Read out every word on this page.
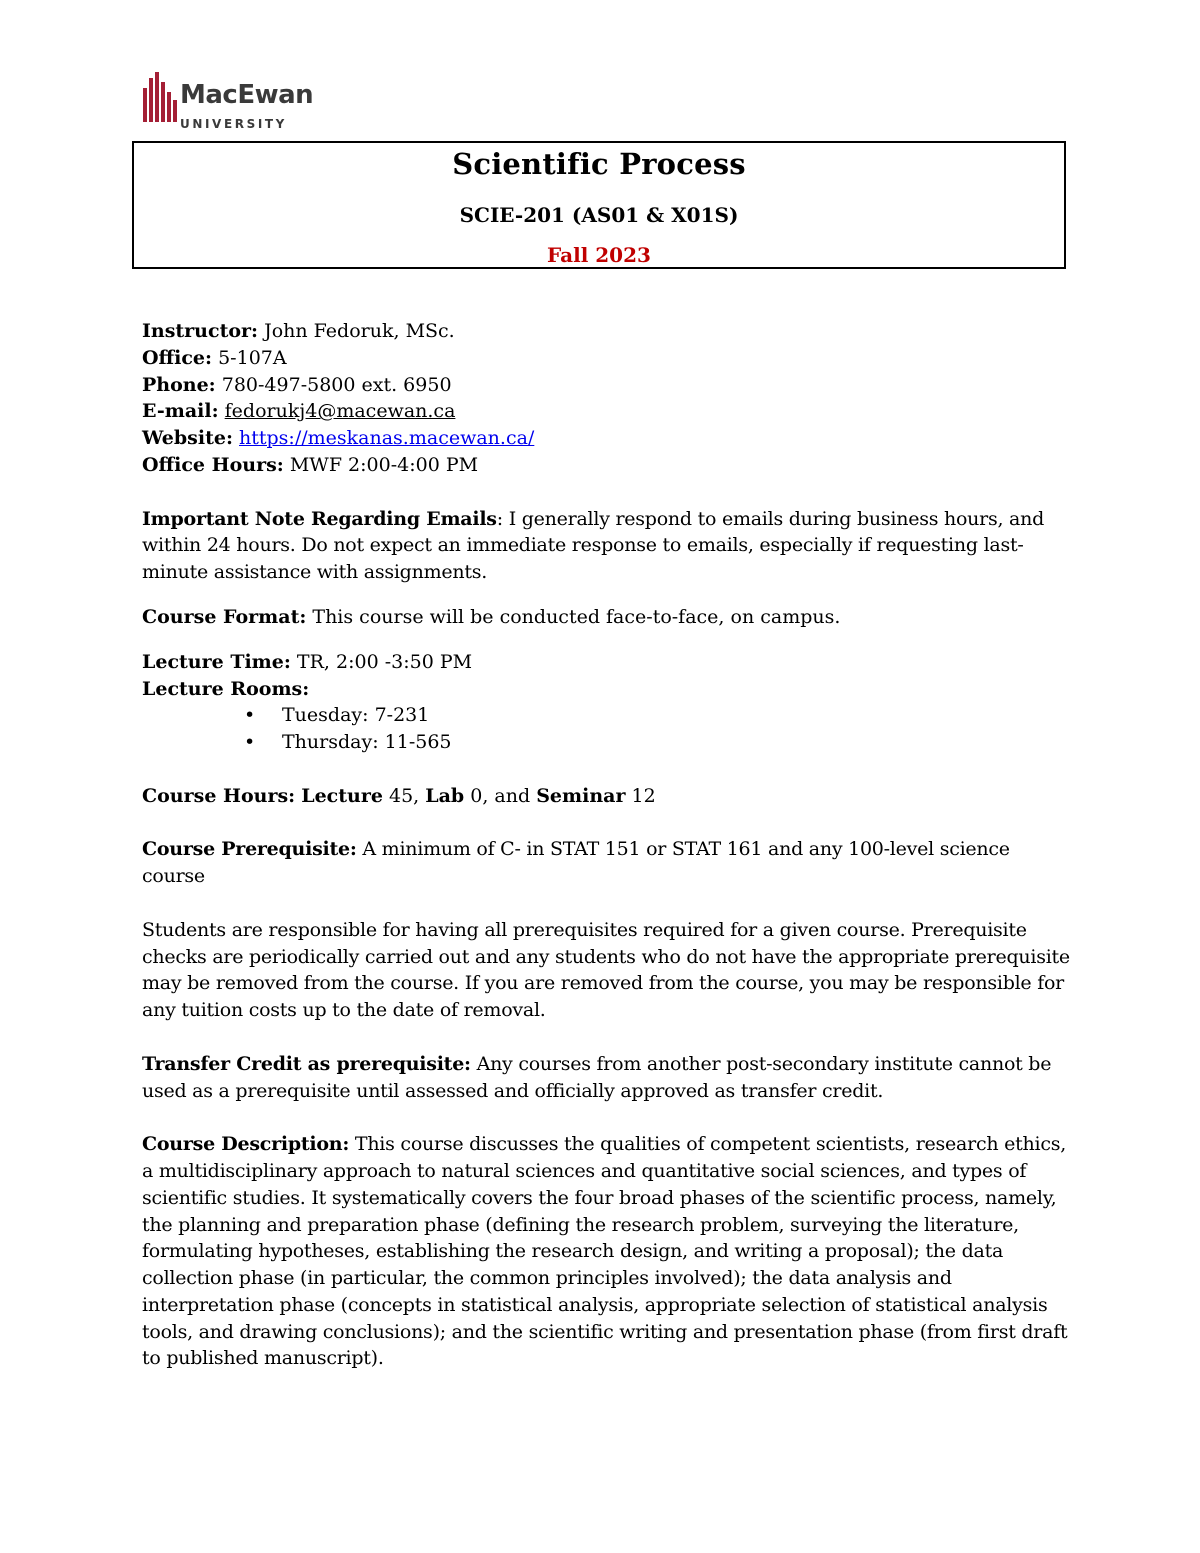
MacEwan
UNIVERSITY
Scientific Process
SCIE-201 (AS01 & X01S)
Fall 2023

Instructor: John Fedoruk, MSc.

Office: 5-107A

Phone: 780-497-5800 ext. 6950

E-mail: fedorukj4@macewan.ca

Website: https://meskanas.macewan.ca/

Office Hours: MWF 2:00-4:00 PM

Important Note Regarding Emails: I generally respond to emails during business hours, and within 24 hours. Do not expect an immediate response to emails, especially if requesting last-minute assistance with assignments.

Course Format: This course will be conducted face-to-face, on campus.

Lecture Time: TR, 2:00 -3:50 PM

Lecture Rooms:

• Tuesday: 7-231
• Thursday: 11-565

Course Hours: Lecture 45, Lab 0, and Seminar 12

Course Prerequisite: A minimum of C- in STAT 151 or STAT 161 and any 100-level science course

Students are responsible for having all prerequisites required for a given course. Prerequisite checks are periodically carried out and any students who do not have the appropriate prerequisite may be removed from the course. If you are removed from the course, you may be responsible for any tuition costs up to the date of removal.

Transfer Credit as prerequisite: Any courses from another post-secondary institute cannot be used as a prerequisite until assessed and officially approved as transfer credit.

Course Description: This course discusses the qualities of competent scientists, research ethics, a multidisciplinary approach to natural sciences and quantitative social sciences, and types of scientific studies. It systematically covers the four broad phases of the scientific process, namely, the planning and preparation phase (defining the research problem, surveying the literature, formulating hypotheses, establishing the research design, and writing a proposal); the data collection phase (in particular, the common principles involved); the data analysis and interpretation phase (concepts in statistical analysis, appropriate selection of statistical analysis tools, and drawing conclusions); and the scientific writing and presentation phase (from first draft to published manuscript).
